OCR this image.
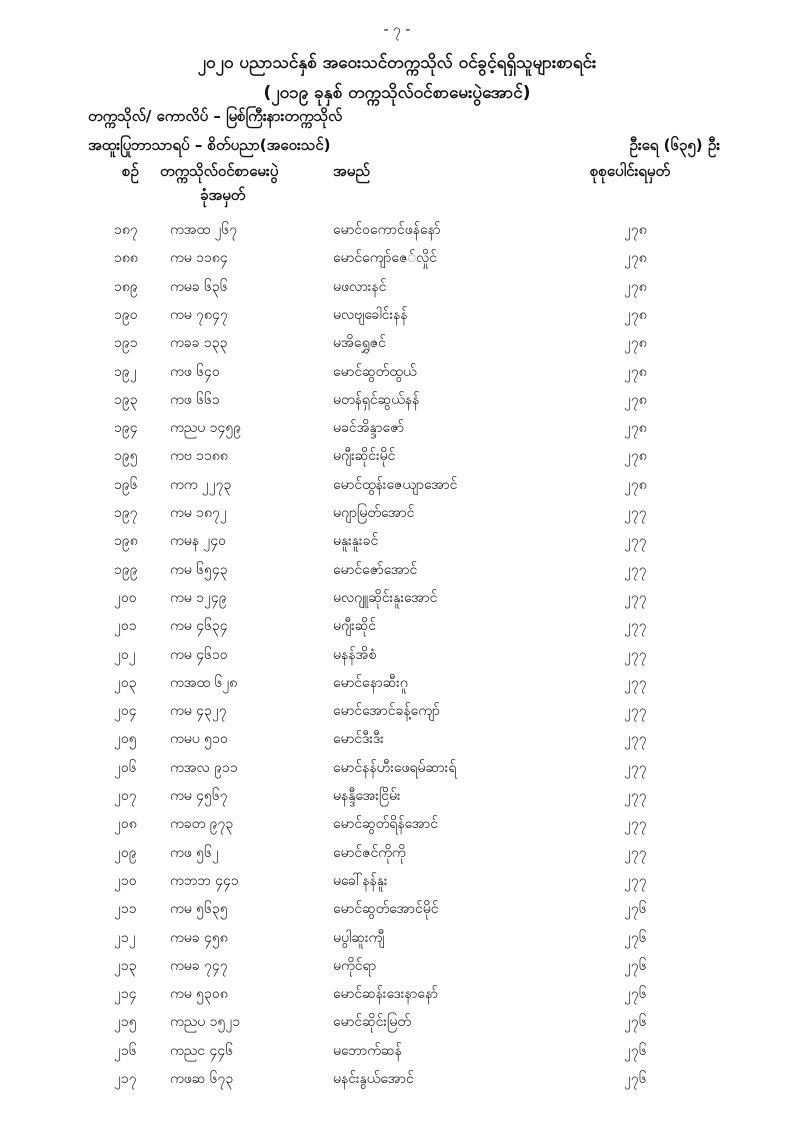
- ၇ -
၂၀၂၀ ပညာသင်နှစ် အဝေးသင်တက္ကသိုလ် ဝင်ခွင့်ရရှိသူများစာရင်း
(၂၀၁၉ ခုနှစ် တက္ကသိုလ်ဝင်စာမေးပွဲအောင်)
တက္ကသိုလ်/ ကောလိပ် – မြစ်ကြီးနားတက္ကသိုလ်
အထူးပြုဘာသာရပ် – စိတ်ပညာ(အဝေးသင်)	ဦးရေ (၆၃၅) ဦး
စဉ် တက္ကသိုလ်ဝင်စာမေးပွဲ
ခုံအမှတ်
အမည်	စုစုပေါင်းရမှတ်
၁၈၇ ကအထ ၂၆၇	မောင်ဝကောင်ဖန်နော်	၂၇၈
၁၈၈ ကမ ၁၁၈၄	မောင်ကျော်ဇေ်လှိုင်	၂၇၈
၁၈၉ ကမခ ၆၃၆	မဖလားနင်	၂၇၈
၁၉၀ ကမ ၇၈၄၇	မလဗျခေါင်းနန်	၂၇၈
၁၉၁ ကခခ ၁၃၃	မအိရွှေဇင်	၂၇၈
၁၉၂ ကဖ ၆၄၀	မောင်ဆွတ်ထွယ်	၂၇၈
၁၉၃ ကဖ ၆၆၁	မတန်ရှင်ဆွယ်နန်	၂၇၈
၁၉၄ ကညပ ၁၄၅၉	မခင်အိန္ဒာဇော်	၂၇၈
၁၉၅ ကဗ ၁၁၈၈	မဂျီးဆိုင်းမိုင်	၂၇၈
၁၉၆ ကက ၂၂၇၃	မောင်ထွန်းဇေယျာအောင်	၂၇၈
၁၉၇ ကမ ၁၈၇၂	မဂျာမြတ်အောင်	၂၇၇
၁၉၈ ကမန ၂၄၀	မနူးနူးခင်	၂၇၇
၁၉၉ ကမ ၆၅၄၃	မောင်ဇော်အောင်	၂၇၇
၂၀၀ ကမ ၁၂၄၉	မလဂျူဆိုင်းနူးအောင်	၂၇၇
၂၀၁ ကမ ၄၆၃၄	မဂျီးဆိုင်	၂၇၇
၂၀၂ ကမ ၄၆၁၀	မနန်အိစံ	၂၇၇
၂၀၃ ကအထ ၆၂၈	မောင်နောဆီးဂူ	၂၇၇
၂၀၄ ကမ ၄၃၂၇	မောင်အောင်ခန့်ကျော်	၂၇၇
၂၀၅ ကမပ ၅၁၀	မောင်ဒီးဒီး	၂၇၇
၂၀၆ ကအလ ၉၁၁	မောင်နန်ဟီးဖေရမ်ဆားရ်	၂၇၇
၂၀၇ ကမ ၄၅၆၇	မနန္ဒီအေးငြိမ်း	၂၇၇
၂၀၈ ကခတ ၉၇၃	မောင်ဆွတ်ရိန်အောင်	၂၇၇
၂၀၉ ကဖ ၅၆၂	မောင်ဇင်ကိုကို	၂၇၇
၂၁၀ ကဘဘ ၄၄၁	မခေါ်နန်နူး	၂၇၇
၂၁၁ ကမ ၅၆၃၅	မောင်ဆွတ်အောင်မိုင်	၂၇၆
၂၁၂ ကမခ ၄၅၈	မပွါဆူးကျီ	၂၇၆
၂၁၃ ကမခ ၇၄၇	မကိုင်ရာ	၂၇၆
၂၁၄ ကမ ၅၃၀၈	မောင်ဆန်းဒေးနာနော်	၂၇၆
၂၁၅ ကညပ ၁၅၂၁	မောင်ဆိုင်းမြတ်	၂၇၆
၂၁၆ ကညင ၄၄၆	မဘောက်ဆန်	၂၇၆
၂၁၇ ကဖဆ ၆၇၃	မနင်းနွယ်အောင်	၂၇၆
